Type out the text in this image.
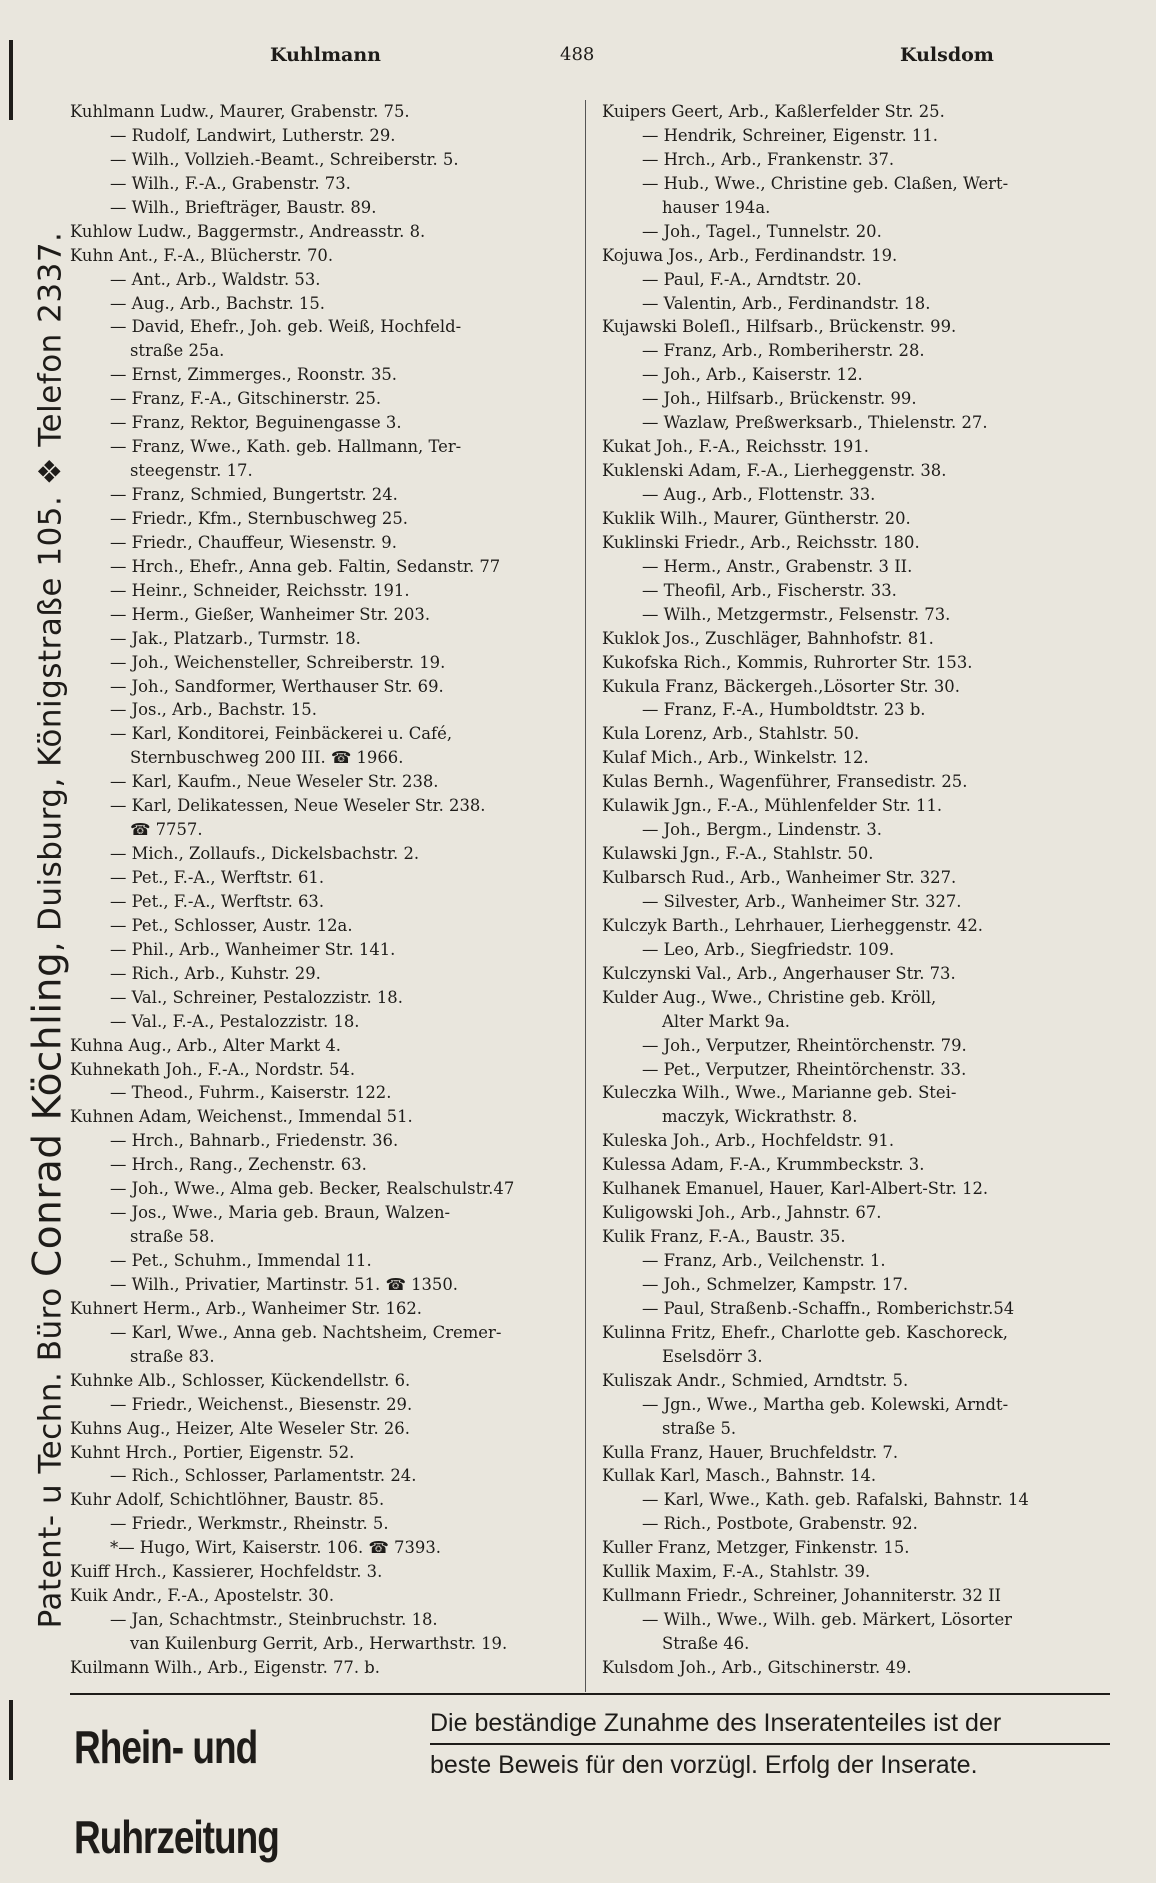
Patent- u Techn. Büro Conrad Köchling, Duisburg, Königstraße 105. ❖ Telefon 2337.
Kuhlmann	488	Kulsdom
Kuhlmann Ludw., Maurer, Grabenstr. 75.
— Rudolf, Landwirt, Lutherstr. 29.
— Wilh., Vollzieh.-Beamt., Schreiberstr. 5.
— Wilh., F.-A., Grabenstr. 73.
— Wilh., Briefträger, Baustr. 89.
Kuhlow Ludw., Baggermstr., Andreasstr. 8.
Kuhn Ant., F.-A., Blücherstr. 70.
— Ant., Arb., Waldstr. 53.
— Aug., Arb., Bachstr. 15.
— David, Ehefr., Joh. geb. Weiß, Hochfeld-
straße 25a.
— Ernst, Zimmerges., Roonstr. 35.
— Franz, F.-A., Gitschinerstr. 25.
— Franz, Rektor, Beguinengasse 3.
— Franz, Wwe., Kath. geb. Hallmann, Ter-
steegenstr. 17.
— Franz, Schmied, Bungertstr. 24.
— Friedr., Kfm., Sternbuschweg 25.
— Friedr., Chauffeur, Wiesenstr. 9.
— Hrch., Ehefr., Anna geb. Faltin, Sedanstr. 77
— Heinr., Schneider, Reichsstr. 191.
— Herm., Gießer, Wanheimer Str. 203.
— Jak., Platzarb., Turmstr. 18.
— Joh., Weichensteller, Schreiberstr. 19.
— Joh., Sandformer, Werthauser Str. 69.
— Jos., Arb., Bachstr. 15.
— Karl, Konditorei, Feinbäckerei u. Café,
Sternbuschweg 200 III. ☎ 1966.
— Karl, Kaufm., Neue Weseler Str. 238.
— Karl, Delikatessen, Neue Weseler Str. 238.
☎ 7757.
— Mich., Zollaufs., Dickelsbachstr. 2.
— Pet., F.-A., Werftstr. 61.
— Pet., F.-A., Werftstr. 63.
— Pet., Schlosser, Austr. 12a.
— Phil., Arb., Wanheimer Str. 141.
— Rich., Arb., Kuhstr. 29.
— Val., Schreiner, Pestalozzistr. 18.
— Val., F.-A., Pestalozzistr. 18.
Kuhna Aug., Arb., Alter Markt 4.
Kuhnekath Joh., F.-A., Nordstr. 54.
— Theod., Fuhrm., Kaiserstr. 122.
Kuhnen Adam, Weichenst., Immendal 51.
— Hrch., Bahnarb., Friedenstr. 36.
— Hrch., Rang., Zechenstr. 63.
— Joh., Wwe., Alma geb. Becker, Realschulstr.47
— Jos., Wwe., Maria geb. Braun, Walzen-
straße 58.
— Pet., Schuhm., Immendal 11.
— Wilh., Privatier, Martinstr. 51. ☎ 1350.
Kuhnert Herm., Arb., Wanheimer Str. 162.
— Karl, Wwe., Anna geb. Nachtsheim, Cremer-
straße 83.
Kuhnke Alb., Schlosser, Kückendellstr. 6.
— Friedr., Weichenst., Biesenstr. 29.
Kuhns Aug., Heizer, Alte Weseler Str. 26.
Kuhnt Hrch., Portier, Eigenstr. 52.
— Rich., Schlosser, Parlamentstr. 24.
Kuhr Adolf, Schichtlöhner, Baustr. 85.
— Friedr., Werkmstr., Rheinstr. 5.
*— Hugo, Wirt, Kaiserstr. 106. ☎ 7393.
Kuiff Hrch., Kassierer, Hochfeldstr. 3.
Kuik Andr., F.-A., Apostelstr. 30.
— Jan, Schachtmstr., Steinbruchstr. 18.
van Kuilenburg Gerrit, Arb., Herwarthstr. 19.
Kuilmann Wilh., Arb., Eigenstr. 77. b.
Kuipers Geert, Arb., Kaßlerfelder Str. 25.
— Hendrik, Schreiner, Eigenstr. 11.
— Hrch., Arb., Frankenstr. 37.
— Hub., Wwe., Christine geb. Claßen, Wert-
hauser 194a.
— Joh., Tagel., Tunnelstr. 20.
Kojuwa Jos., Arb., Ferdinandstr. 19.
— Paul, F.-A., Arndtstr. 20.
— Valentin, Arb., Ferdinandstr. 18.
Kujawski Boleſl., Hilfsarb., Brückenstr. 99.
— Franz, Arb., Romberiherstr. 28.
— Joh., Arb., Kaiserstr. 12.
— Joh., Hilfsarb., Brückenstr. 99.
— Wazlaw, Preßwerksarb., Thielenstr. 27.
Kukat Joh., F.-A., Reichsstr. 191.
Kuklenski Adam, F.-A., Lierheggenstr. 38.
— Aug., Arb., Flottenstr. 33.
Kuklik Wilh., Maurer, Güntherstr. 20.
Kuklinski Friedr., Arb., Reichsstr. 180.
— Herm., Anstr., Grabenstr. 3 II.
— Theofil, Arb., Fischerstr. 33.
— Wilh., Metzgermstr., Felsenstr. 73.
Kuklok Jos., Zuschläger, Bahnhofstr. 81.
Kukofska Rich., Kommis, Ruhrorter Str. 153.
Kukula Franz, Bäckergeh.,Lösorter Str. 30.
— Franz, F.-A., Humboldtstr. 23 b.
Kula Lorenz, Arb., Stahlstr. 50.
Kulaf Mich., Arb., Winkelstr. 12.
Kulas Bernh., Wagenführer, Fransedistr. 25.
Kulawik Jgn., F.-A., Mühlenfelder Str. 11.
— Joh., Bergm., Lindenstr. 3.
Kulawski Jgn., F.-A., Stahlstr. 50.
Kulbarsch Rud., Arb., Wanheimer Str. 327.
— Silvester, Arb., Wanheimer Str. 327.
Kulczyk Barth., Lehrhauer, Lierheggenstr. 42.
— Leo, Arb., Siegfriedstr. 109.
Kulczynski Val., Arb., Angerhauser Str. 73.
Kulder Aug., Wwe., Christine geb. Kröll,
Alter Markt 9a.
— Joh., Verputzer, Rheintörchenstr. 79.
— Pet., Verputzer, Rheintörchenstr. 33.
Kuleczka Wilh., Wwe., Marianne geb. Stei-
maczyk, Wickrathstr. 8.
Kuleska Joh., Arb., Hochfeldstr. 91.
Kulessa Adam, F.-A., Krummbeckstr. 3.
Kulhanek Emanuel, Hauer, Karl-Albert-Str. 12.
Kuligowski Joh., Arb., Jahnstr. 67.
Kulik Franz, F.-A., Baustr. 35.
— Franz, Arb., Veilchenstr. 1.
— Joh., Schmelzer, Kampstr. 17.
— Paul, Straßenb.-Schaffn., Romberichstr.54
Kulinna Fritz, Ehefr., Charlotte geb. Kaschoreck,
Eselsdörr 3.
Kuliszak Andr., Schmied, Arndtstr. 5.
— Jgn., Wwe., Martha geb. Kolewski, Arndt-
straße 5.
Kulla Franz, Hauer, Bruchfeldstr. 7.
Kullak Karl, Masch., Bahnstr. 14.
— Karl, Wwe., Kath. geb. Rafalski, Bahnstr. 14
— Rich., Postbote, Grabenstr. 92.
Kuller Franz, Metzger, Finkenstr. 15.
Kullik Maxim, F.-A., Stahlstr. 39.
Kullmann Friedr., Schreiner, Johanniterstr. 32 II
— Wilh., Wwe., Wilh. geb. Märkert, Lösorter
Straße 46.
Kulsdom Joh., Arb., Gitschinerstr. 49.
Rhein- und Ruhrzeitung
Die beständige Zunahme des Inseratenteiles ist der
beste Beweis für den vorzügl. Erfolg der Inserate.
